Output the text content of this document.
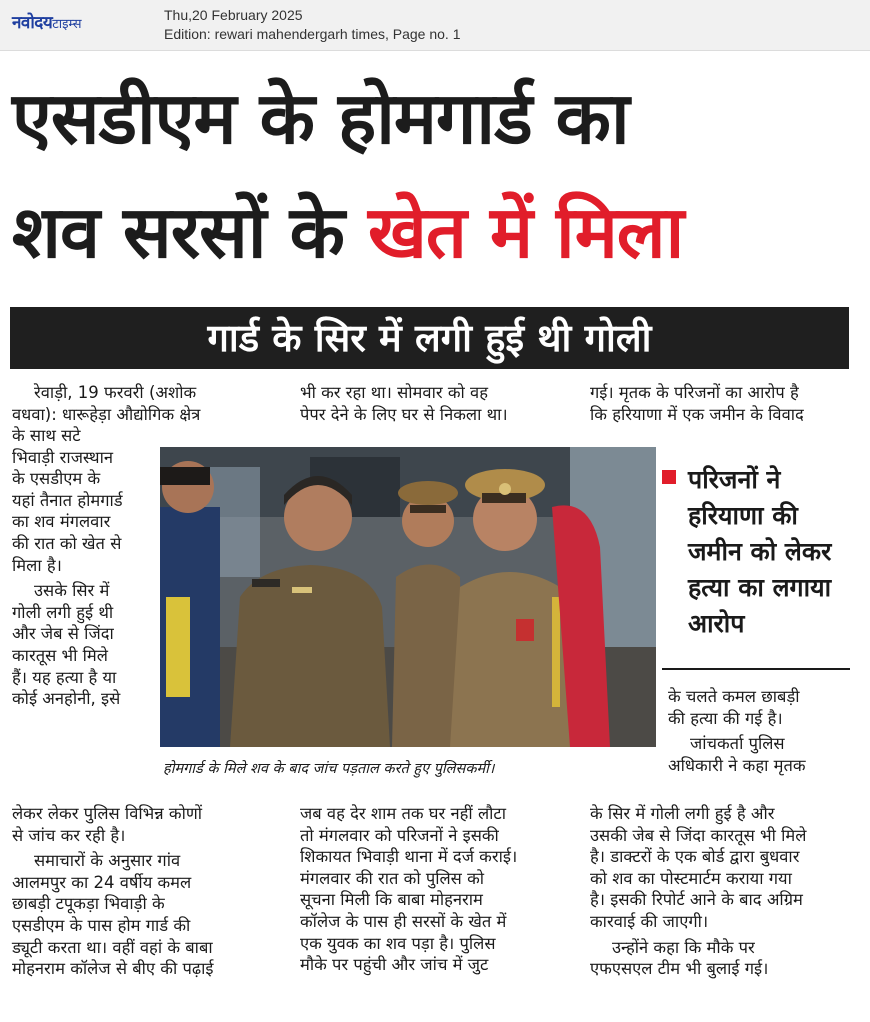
नवोदयटाइम्स
Thu,20 February 2025
Edition: rewari mahendergarh times, Page no. 1
एसडीएम के होमगार्ड का
शव सरसों के खेत में मिला
गार्ड के सिर में लगी हुई थी गोली

रेवाड़ी, 19 फरवरी (अशोक

वधवा): धारूहेड़ा औद्योगिक क्षेत्र

के साथ सटे

भिवाड़ी राजस्थान

के एसडीएम के

यहां तैनात होमगार्ड

का शव मंगलवार

की रात को खेत से

मिला है।

उसके सिर में

गोली लगी हुई थी

और जेब से जिंदा

कारतूस भी मिले

हैं। यह हत्या है या

कोई अनहोनी, इसे

लेकर लेकर पुलिस विभिन्न कोणों

से जांच कर रही है।

समाचारों के अनुसार गांव

आलमपुर का 24 वर्षीय कमल

छाबड़ी टपूकड़ा भिवाड़ी के

एसडीएम के पास होम गार्ड की

ड्यूटी करता था। वहीं वहां के बाबा

मोहनराम कॉलेज से बीए की पढ़ाई

भी कर रहा था। सोमवार को वह

पेपर देने के लिए घर से निकला था।

जब वह देर शाम तक घर नहीं लौटा

तो मंगलवार को परिजनों ने इसकी

शिकायत भिवाड़ी थाना में दर्ज कराई।

मंगलवार की रात को पुलिस को

सूचना मिली कि बाबा मोहनराम

कॉलेज के पास ही सरसों के खेत में

एक युवक का शव पड़ा है। पुलिस

मौके पर पहुंची और जांच में जुट

गई। मृतक के परिजनों का आरोप है

कि हरियाणा में एक जमीन के विवाद

परिजनों ने हरियाणा की जमीन को लेकर हत्या का लगाया आरोप

के चलते कमल छाबड़ी

की हत्या की गई है।

जांचकर्ता पुलिस

अधिकारी ने कहा मृतक

के सिर में गोली लगी हुई है और

उसकी जेब से जिंदा कारतूस भी मिले

है। डाक्टरों के एक बोर्ड द्वारा बुधवार

को शव का पोस्टमार्टम कराया गया

है। इसकी रिपोर्ट आने के बाद अग्रिम

कारवाई की जाएगी।

उन्होंने कहा कि मौके पर

एफएसएल टीम भी बुलाई गई।

होमगार्ड के मिले शव के बाद जांच पड़ताल करते हुए पुलिसकर्मी।
